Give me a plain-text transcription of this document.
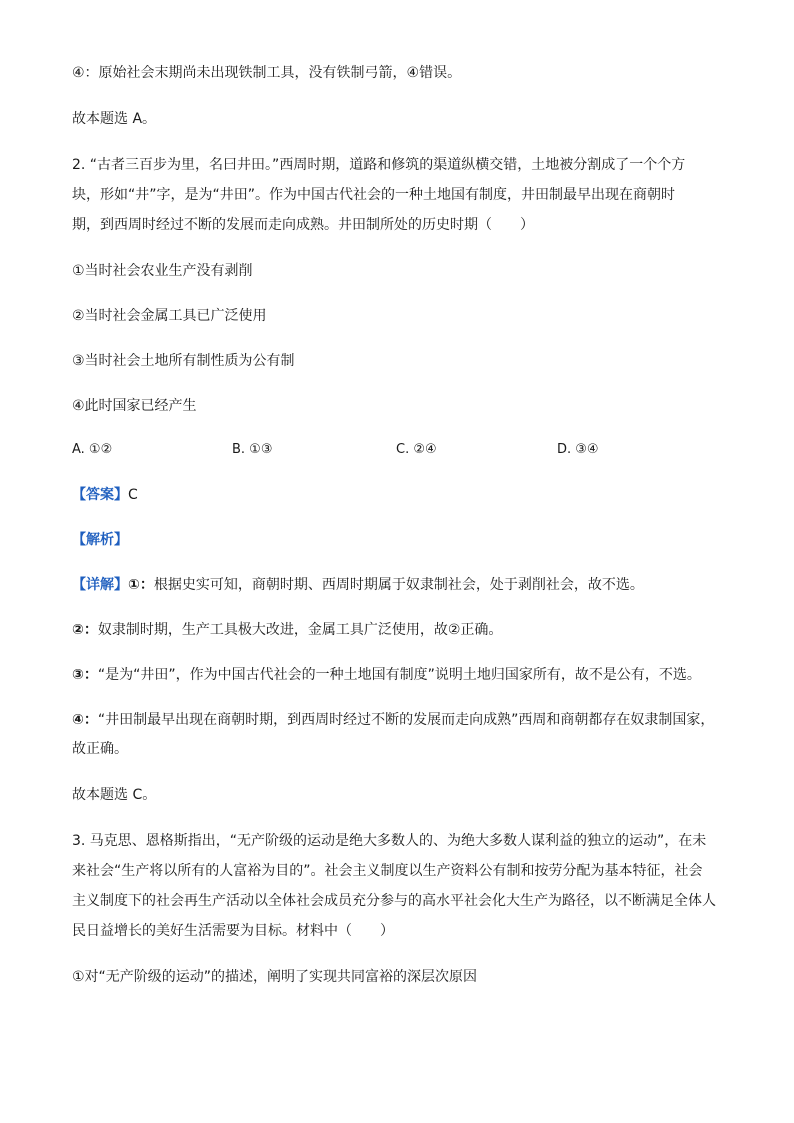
④：原始社会末期尚未出现铁制工具，没有铁制弓箭，④错误。
故本题选 A。
2. “古者三百步为里，名曰井田。”西周时期，道路和修筑的渠道纵横交错，土地被分割成了一个个方
块，形如“井”字，是为“井田”。作为中国古代社会的一种土地国有制度，井田制最早出现在商朝时
期，到西周时经过不断的发展而走向成熟。井田制所处的历史时期（　　）
①当时社会农业生产没有剥削
②当时社会金属工具已广泛使用
③当时社会土地所有制性质为公有制
④此时国家已经产生
A. ①②	B. ①③	C. ②④	D. ③④
【答案】C
【解析】
【详解】①：根据史实可知，商朝时期、西周时期属于奴隶制社会，处于剥削社会，故不选。
②：奴隶制时期，生产工具极大改进，金属工具广泛使用，故②正确。
③：“是为“井田”，作为中国古代社会的一种土地国有制度”说明土地归国家所有，故不是公有，不选。
④：“井田制最早出现在商朝时期，到西周时经过不断的发展而走向成熟”西周和商朝都存在奴隶制国家，
故正确。
故本题选 C。
3. 马克思、恩格斯指出，“无产阶级的运动是绝大多数人的、为绝大多数人谋利益的独立的运动”，在未
来社会“生产将以所有的人富裕为目的”。社会主义制度以生产资料公有制和按劳分配为基本特征，社会
主义制度下的社会再生产活动以全体社会成员充分参与的高水平社会化大生产为路径，以不断满足全体人
民日益增长的美好生活需要为目标。材料中（　　）
①对“无产阶级的运动”的描述，阐明了实现共同富裕的深层次原因
